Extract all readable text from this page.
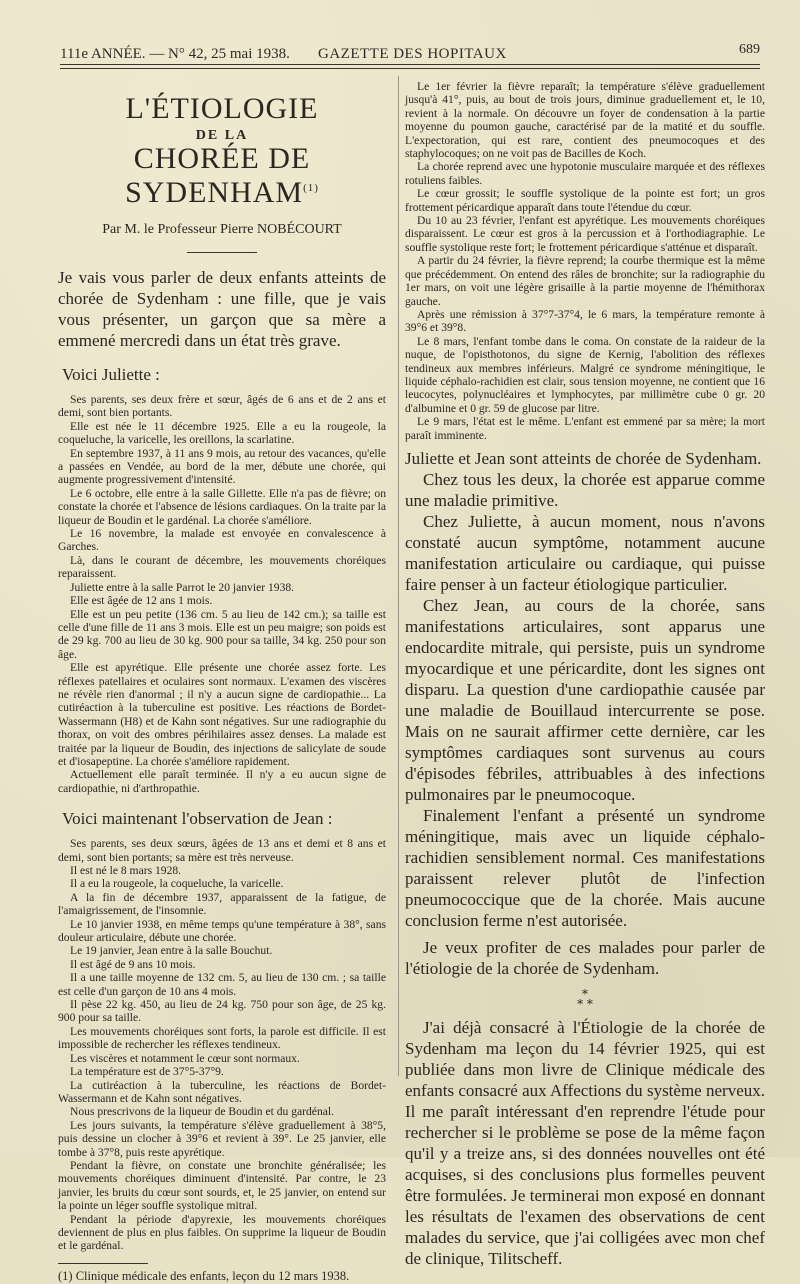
111e ANNÉE. — N° 42, 25 mai 1938. GAZETTE DES HOPITAUX	689
L'ÉTIOLOGIE
DE LA
CHORÉE DE SYDENHAM$^{(1)}$
Par M. le Professeur Pierre NOBÉCOURT

Je vais vous parler de deux enfants atteints de chorée de Sydenham : une fille, que je vais vous présenter, un garçon que sa mère a emmené mercredi dans un état très grave.

Voici Juliette :

Ses parents, ses deux frère et sœur, âgés de 6 ans et de 2 ans et demi, sont bien portants.

Elle est née le 11 décembre 1925. Elle a eu la rougeole, la coqueluche, la varicelle, les oreillons, la scarlatine.

En septembre 1937, à 11 ans 9 mois, au retour des vacances, qu'elle a passées en Vendée, au bord de la mer, débute une chorée, qui augmente progressivement d'intensité.

Le 6 octobre, elle entre à la salle Gillette. Elle n'a pas de fièvre; on constate la chorée et l'absence de lésions cardiaques. On la traite par la liqueur de Boudin et le gardénal. La chorée s'améliore.

Le 16 novembre, la malade est envoyée en convalescence à Garches.

Là, dans le courant de décembre, les mouvements choréiques reparaissent.

Juliette entre à la salle Parrot le 20 janvier 1938.

Elle est âgée de 12 ans 1 mois.

Elle est un peu petite (136 cm. 5 au lieu de 142 cm.); sa taille est celle d'une fille de 11 ans 3 mois. Elle est un peu maigre; son poids est de 29 kg. 700 au lieu de 30 kg. 900 pour sa taille, 34 kg. 250 pour son âge.

Elle est apyrétique. Elle présente une chorée assez forte. Les réflexes patellaires et oculaires sont normaux. L'examen des viscères ne révèle rien d'anormal ; il n'y a aucun signe de cardiopathie... La cutiréaction à la tuberculine est positive. Les réactions de Bordet-Wassermann (H8) et de Kahn sont négatives. Sur une radiographie du thorax, on voit des ombres périhilaires assez denses. La malade est traitée par la liqueur de Boudin, des injections de salicylate de soude et d'iosapeptine. La chorée s'améliore rapidement.

Actuellement elle paraît terminée. Il n'y a eu aucun signe de cardiopathie, ni d'arthropathie.

Voici maintenant l'observation de Jean :

Ses parents, ses deux sœurs, âgées de 13 ans et demi et 8 ans et demi, sont bien portants; sa mère est très nerveuse.

Il est né le 8 mars 1928.

Il a eu la rougeole, la coqueluche, la varicelle.

A la fin de décembre 1937, apparaissent de la fatigue, de l'amaigrissement, de l'insomnie.

Le 10 janvier 1938, en même temps qu'une température à 38°, sans douleur articulaire, débute une chorée.

Le 19 janvier, Jean entre à la salle Bouchut.

Il est âgé de 9 ans 10 mois.

Il a une taille moyenne de 132 cm. 5, au lieu de 130 cm. ; sa taille est celle d'un garçon de 10 ans 4 mois.

Il pèse 22 kg. 450, au lieu de 24 kg. 750 pour son âge, de 25 kg. 900 pour sa taille.

Les mouvements choréiques sont forts, la parole est difficile. Il est impossible de rechercher les réflexes tendineux.

Les viscères et notamment le cœur sont normaux.

La température est de 37°5-37°9.

La cutiréaction à la tuberculine, les réactions de Bordet-Wassermann et de Kahn sont négatives.

Nous prescrivons de la liqueur de Boudin et du gardénal.

Les jours suivants, la température s'élève graduellement à 38°5, puis dessine un clocher à 39°6 et revient à 39°. Le 25 janvier, elle tombe à 37°8, puis reste apyrétique.

Pendant la fièvre, on constate une bronchite généralisée; les mouvements choréiques diminuent d'intensité. Par contre, le 23 janvier, les bruits du cœur sont sourds, et, le 25 janvier, on entend sur la pointe un léger souffle systolique mitral.

Pendant la période d'apyrexie, les mouvements choréiques deviennent de plus en plus faibles. On supprime la liqueur de Boudin et le gardénal.

(1) Clinique médicale des enfants, leçon du 12 mars 1938.

Le 1er février la fièvre reparaît; la température s'élève graduellement jusqu'à 41°, puis, au bout de trois jours, diminue graduellement et, le 10, revient à la normale. On découvre un foyer de condensation à la partie moyenne du poumon gauche, caractérisé par de la matité et du souffle. L'expectoration, qui est rare, contient des pneumocoques et des staphylocoques; on ne voit pas de Bacilles de Koch.

La chorée reprend avec une hypotonie musculaire marquée et des réflexes rotuliens faibles.

Le cœur grossit; le souffle systolique de la pointe est fort; un gros frottement péricardique apparaît dans toute l'étendue du cœur.

Du 10 au 23 février, l'enfant est apyrétique. Les mouvements choréiques disparaissent. Le cœur est gros à la percussion et à l'orthodiagraphie. Le souffle systolique reste fort; le frottement péricardique s'atténue et disparaît.

A partir du 24 février, la fièvre reprend; la courbe thermique est la même que précédemment. On entend des râles de bronchite; sur la radiographie du 1er mars, on voit une légère grisaille à la partie moyenne de l'hémithorax gauche.

Après une rémission à 37°7-37°4, le 6 mars, la température remonte à 39°6 et 39°8.

Le 8 mars, l'enfant tombe dans le coma. On constate de la raideur de la nuque, de l'opisthotonos, du signe de Kernig, l'abolition des réflexes tendineux aux membres inférieurs. Malgré ce syndrome méningitique, le liquide céphalo-rachidien est clair, sous tension moyenne, ne contient que 16 leucocytes, polynucléaires et lymphocytes, par millimètre cube 0 gr. 20 d'albumine et 0 gr. 59 de glucose par litre.

Le 9 mars, l'état est le même. L'enfant est emmené par sa mère; la mort paraît imminente.

Juliette et Jean sont atteints de chorée de Sydenham.

Chez tous les deux, la chorée est apparue comme une maladie primitive.

Chez Juliette, à aucun moment, nous n'avons constaté aucun symptôme, notamment aucune manifestation articulaire ou cardiaque, qui puisse faire penser à un facteur étiologique particulier.

Chez Jean, au cours de la chorée, sans manifestations articulaires, sont apparus une endocardite mitrale, qui persiste, puis un syndrome myocardique et une péricardite, dont les signes ont disparu. La question d'une cardiopathie causée par une maladie de Bouillaud intercurrente se pose. Mais on ne saurait affirmer cette dernière, car les symptômes cardiaques sont survenus au cours d'épisodes fébriles, attribuables à des infections pulmonaires par le pneumocoque.

Finalement l'enfant a présenté un syndrome méningitique, mais avec un liquide céphalo-rachidien sensiblement normal. Ces manifestations paraissent relever plutôt de l'infection pneumococcique que de la chorée. Mais aucune conclusion ferme n'est autorisée.

Je veux profiter de ces malades pour parler de l'étiologie de la chorée de Sydenham.

*
* *

J'ai déjà consacré à l'Étiologie de la chorée de Sydenham ma leçon du 14 février 1925, qui est publiée dans mon livre de Clinique médicale des enfants consacré aux Affections du système nerveux. Il me paraît intéressant d'en reprendre l'étude pour rechercher si le problème se pose de la même façon qu'il y a treize ans, si des données nouvelles ont été acquises, si des conclusions plus formelles peuvent être formulées. Je terminerai mon exposé en donnant les résultats de l'examen des observations de cent malades du service, que j'ai colligées avec mon chef de clinique, Tilitscheff.
